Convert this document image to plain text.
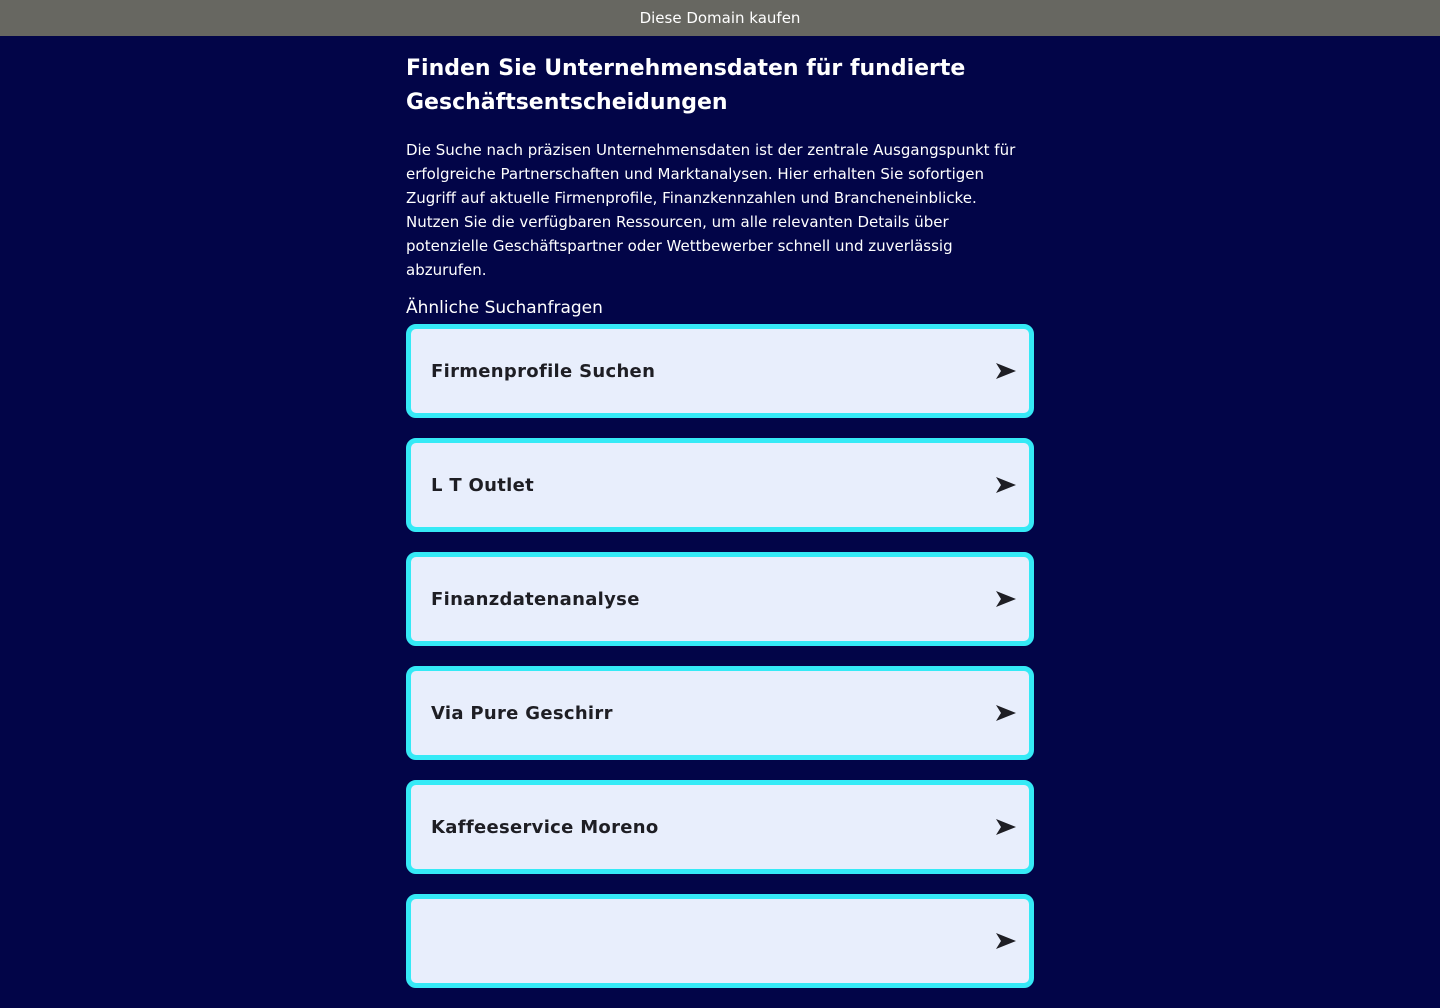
Diese Domain kaufen
Finden Sie Unternehmensdaten für fundierte Geschäftsentscheidungen

Die Suche nach präzisen Unternehmensdaten ist der zentrale Ausgangspunkt für erfolgreiche Partnerschaften und Marktanalysen. Hier erhalten Sie sofortigen Zugriff auf aktuelle Firmenprofile, Finanzkennzahlen und Brancheneinblicke. Nutzen Sie die verfügbaren Ressourcen, um alle relevanten Details über potenzielle Geschäftspartner oder Wettbewerber schnell und zuverlässig abzurufen.

Ähnliche Suchanfragen
Firmenprofile Suchen
L T Outlet
Finanzdatenanalyse
Via Pure Geschirr
Kaffeeservice Moreno
